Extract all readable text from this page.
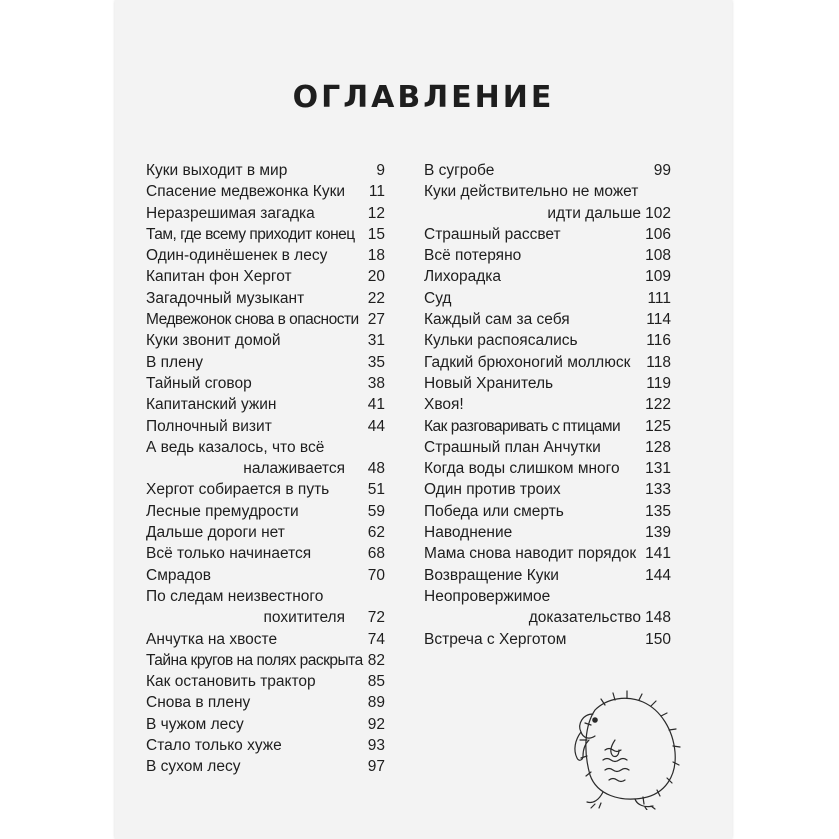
ОГЛАВЛЕНИЕ
Куки выходит в мир	9
Спасение медвежонка Куки 11
Неразрешимая загадка	12
Там, где всему приходит конец 15
Один-одинёшенек в лесу	18
Капитан фон Хергот	20
Загадочный музыкант	22
Медвежонок снова в опасности 27
Куки звонит домой	31
В плену	35
Тайный сговор	38
Капитанский ужин	41
Полночный визит	44
А ведь казалось, что всё
налаживается 48
Хергот собирается в путь 51
Лесные премудрости	59
Дальше дороги нет	62
Всё только начинается	68
Смрадов	70
По следам неизвестного
похитителя 72
Анчутка на хвосте	74
Тайна кругов на полях раскрыта 82
Как остановить трактор	85
Снова в плену	89
В чужом лесу	92
Стало только хуже	93
В сухом лесу	97
В сугробе	99
Куки действительно не может
идти дальше 102
Страшный рассвет	106
Всё потеряно	108
Лихорадка	109
Суд	111
Каждый сам за себя	114
Кульки распоясались	116
Гадкий брюхоногий моллюск 118
Новый Хранитель	119
Хвоя!	122
Как разговаривать с птицами 125
Страшный план Анчутки	128
Когда воды слишком много 131
Один против троих	133
Победа или смерть	135
Наводнение	139
Мама снова наводит порядок 141
Возвращение Куки	144
Неопровержимое
доказательство 148
Встреча с Херготом	150
